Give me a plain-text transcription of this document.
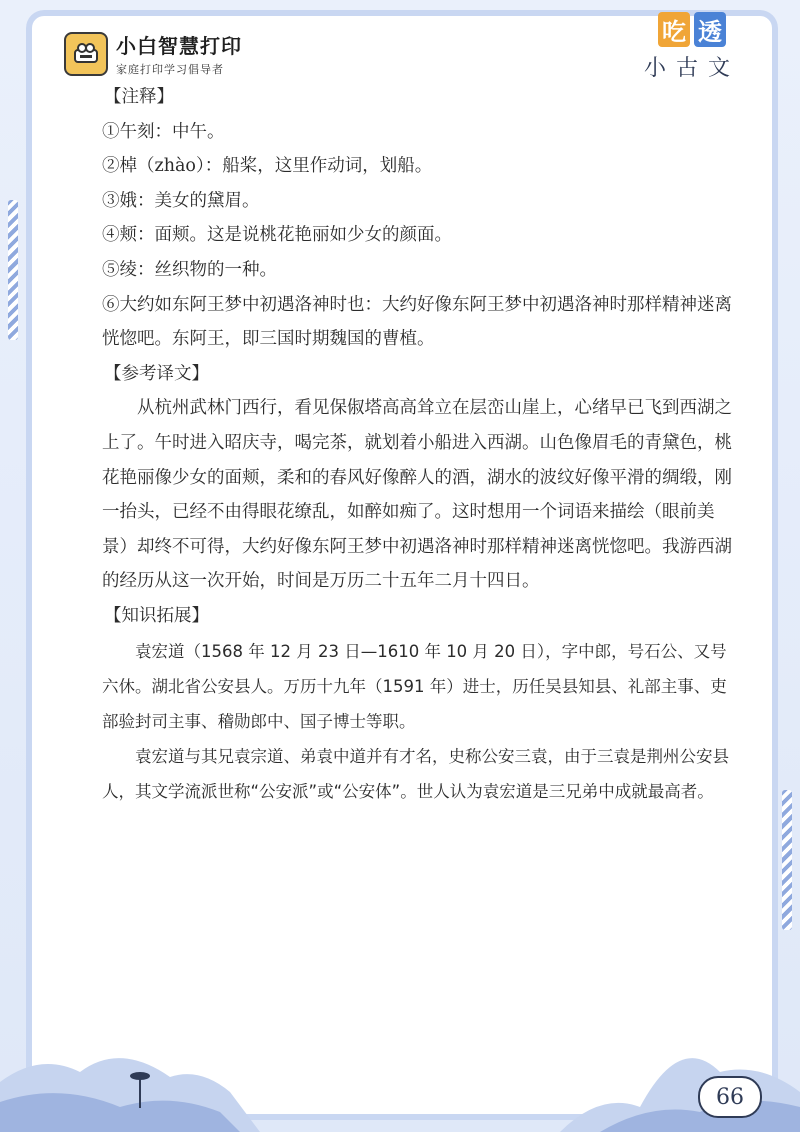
小白智慧打印
家庭打印学习倡导者
吃 透
小古文

【注释】

①午刻：中午。

②棹（zhào）：船桨，这里作动词，划船。

③娥：美女的黛眉。

④颊：面颊。这是说桃花艳丽如少女的颜面。

⑤绫：丝织物的一种。

⑥大约如东阿王梦中初遇洛神时也：大约好像东阿王梦中初遇洛神时那样精神迷离恍惚吧。东阿王，即三国时期魏国的曹植。

【参考译文】

从杭州武林门西行，看见保俶塔高高耸立在层峦山崖上，心绪早已飞到西湖之上了。午时进入昭庆寺，喝完茶，就划着小船进入西湖。山色像眉毛的青黛色，桃花艳丽像少女的面颊，柔和的春风好像醉人的酒，湖水的波纹好像平滑的绸缎，刚一抬头，已经不由得眼花缭乱，如醉如痴了。这时想用一个词语来描绘（眼前美景）却终不可得，大约好像东阿王梦中初遇洛神时那样精神迷离恍惚吧。我游西湖的经历从这一次开始，时间是万历二十五年二月十四日。

【知识拓展】

袁宏道（1568 年 12 月 23 日—1610 年 10 月 20 日），字中郎，号石公、又号六休。湖北省公安县人。万历十九年（1591 年）进士，历任吴县知县、礼部主事、吏部验封司主事、稽勋郎中、国子博士等职。

袁宏道与其兄袁宗道、弟袁中道并有才名，史称公安三袁，由于三袁是荆州公安县人，其文学流派世称“公安派”或“公安体”。世人认为袁宏道是三兄弟中成就最高者。

66
